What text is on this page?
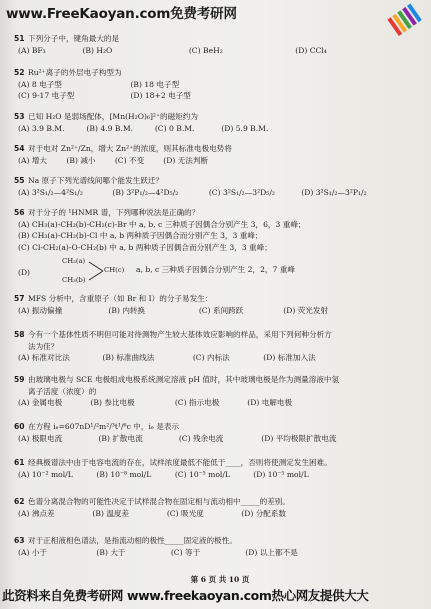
www.FreeKaoyan.com免费考研网
51 下列分子中，键角最大的是
(A) BF₃	(B) H₂O	(C) BeH₂	(D) CCl₄
52 Ru²⁺离子的外层电子构型为
(A) 8 电子型	(B) 18 电子型
(C) 9-17 电子型	(D) 18+2 电子型
53 已知 H₂O 是弱场配体，[Mn(H₂O)₆]²⁺的磁矩约为
(A) 3.9 B.M.	(B) 4.9 B.M.	(C) 0 B.M.	(D) 5.9 B.M.
54 对于电对 Zn²⁺/Zn，增大 Zn²⁺的浓度，则其标准电极电势将
(A) 增大	(B) 减小	(C) 不变	(D) 无法判断
55 Na 原子下列光谱线间哪个能发生跃迁？
(A) 3²S₁/₂—4²S₁/₂	(B) 3²P₁/₂—4²D₅/₂	(C) 3²S₁/₂—3²D₅/₂	(D) 3²S₁/₂—3²P₁/₂
56 对于分子的 ¹HNMR 谱，下列哪种说法是正确的？
(A) CH₃(a)-CH₂(b)-CH₂(c)-Br 中 a, b, c 三种质子因偶合分别产生 3，6，3 重峰；
(B) CH₃(a)-CH₂(b)-Cl 中 a, b 两种质子因偶合而分别产生 3，3 重峰；
(C) Cl-CH₂(a)-O-CH₂(b) 中 a, b 两种质子因偶合而分别产生 3，3 重峰；
(D)
CH₃(a)
CH₃(b)
CH(c) a, b, c 三种质子因偶合分别产生 2，2，7 重峰
57 MFS 分析中，含重原子（如 Br 和 I）的分子易发生：
(A) 振动偏撞	(B) 内转换	(C) 系间跨跃	(D) 荧光发射
58 今有一个基体性质不明但可能对待测物产生较大基体效应影响的样品，采用下列何种分析方
法为佳？
(A) 标准对比法	(B) 标准曲线法	(C) 内标法	(D) 标准加入法
59 由玻璃电极与 SCE 电极组成电极系统测定溶液 pH 值时，其中玻璃电极是作为测量溶液中氢
离子活度（浓度）的
(A) 金属电极	(B) 参比电极	(C) 指示电极	(D) 电解电极
60 在方程 iₑ=607nD¹/²m²/³t¹/⁶c 中，iₑ 是表示
(A) 极限电流	(B) 扩散电流	(C) 残余电流	(D) 平均极限扩散电流
61 经典极谱法中由于电容电流的存在，试样浓度最低不能低于____，否则将使测定发生困难。
(A) 10⁻² mol/L	(B) 10⁻⁸ mol/L	(C) 10⁻⁵ mol/L	(D) 10⁻⁵ mol/L
62 色谱分离混合物的可能性决定于试样混合物在固定相与流动相中_____的差别。
(A) 沸点差	(B) 温度差	(C) 吸光度	(D) 分配系数
63 对于正相液相色谱法，是指流动相的极性_____固定液的极性。
(A) 小于	(B) 大于	(C) 等于	(D) 以上都不是
第 6 页 共 10 页
此资料来自免费考研网 www.freekaoyan.com热心网友提供大大
